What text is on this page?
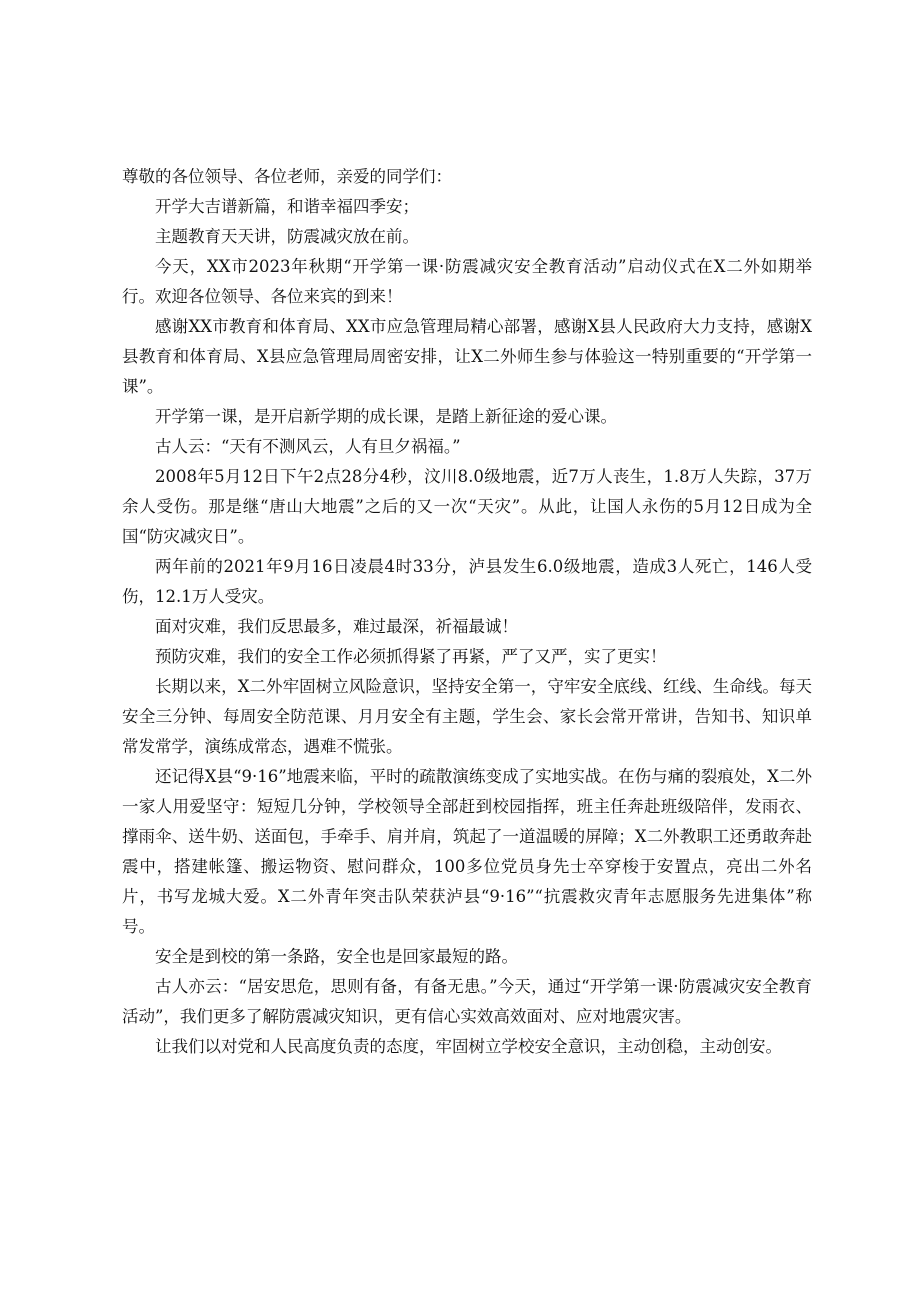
尊敬的各位领导、各位老师，亲爱的同学们：

开学大吉谱新篇，和谐幸福四季安；

主题教育天天讲，防震减灾放在前。

今天，XX市2023年秋期“开学第一课·防震减灾安全教育活动”启动仪式在X二外如期举行。欢迎各位领导、各位来宾的到来！

感谢XX市教育和体育局、XX市应急管理局精心部署，感谢X县人民政府大力支持，感谢X县教育和体育局、X县应急管理局周密安排，让X二外师生参与体验这一特别重要的“开学第一课”。

开学第一课，是开启新学期的成长课，是踏上新征途的爱心课。

古人云：“天有不测风云，人有旦夕祸福。”

2008年5月12日下午2点28分4秒，汶川8.0级地震，近7万人丧生，1.8万人失踪，37万余人受伤。那是继“唐山大地震”之后的又一次“天灾”。从此，让国人永伤的5月12日成为全国“防灾减灾日”。

两年前的2021年9月16日凌晨4时33分，泸县发生6.0级地震，造成3人死亡，146人受伤，12.1万人受灾。

面对灾难，我们反思最多，难过最深，祈福最诚！

预防灾难，我们的安全工作必须抓得紧了再紧，严了又严，实了更实！

长期以来，X二外牢固树立风险意识，坚持安全第一，守牢安全底线、红线、生命线。每天安全三分钟、每周安全防范课、月月安全有主题，学生会、家长会常开常讲，告知书、知识单常发常学，演练成常态，遇难不慌张。

还记得X县“9·16”地震来临，平时的疏散演练变成了实地实战。在伤与痛的裂痕处，X二外一家人用爱坚守：短短几分钟，学校领导全部赶到校园指挥，班主任奔赴班级陪伴，发雨衣、撑雨伞、送牛奶、送面包，手牵手、肩并肩，筑起了一道温暖的屏障；X二外教职工还勇敢奔赴震中，搭建帐篷、搬运物资、慰问群众，100多位党员身先士卒穿梭于安置点，亮出二外名片，书写龙城大爱。X二外青年突击队荣获泸县“9·16”“抗震救灾青年志愿服务先进集体”称号。

安全是到校的第一条路，安全也是回家最短的路。

古人亦云：“居安思危，思则有备，有备无患。”今天，通过“开学第一课·防震减灾安全教育活动”，我们更多了解防震减灾知识，更有信心实效高效面对、应对地震灾害。

让我们以对党和人民高度负责的态度，牢固树立学校安全意识，主动创稳，主动创安。
